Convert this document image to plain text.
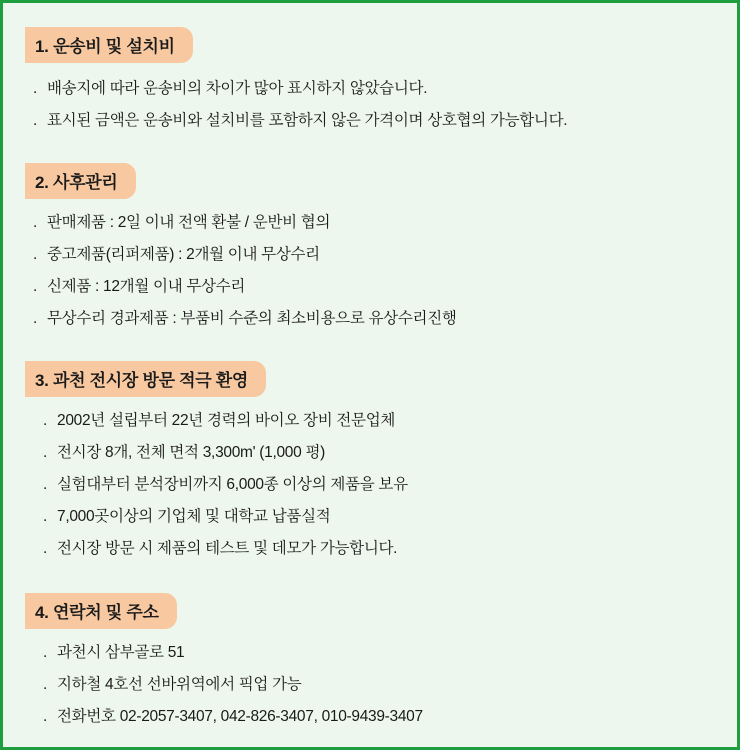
1. 운송비 및 설치비
. 배송지에 따라 운송비의 차이가 많아 표시하지 않았습니다.
. 표시된 금액은 운송비와 설치비를 포함하지 않은 가격이며 상호협의 가능합니다.
2. 사후관리
. 판매제품 : 2일 이내 전액 환불 / 운반비 협의
. 중고제품(리퍼제품) : 2개월 이내 무상수리
. 신제품 : 12개월 이내 무상수리
. 무상수리 경과제품 : 부품비 수준의 최소비용으로 유상수리진행
3. 과천 전시장 방문 적극 환영
. 2002년 설립부터 22년 경력의 바이오 장비 전문업체
. 전시장 8개, 전체 면적 3,300m' (1,000 평)
. 실험대부터 분석장비까지 6,000종 이상의 제품을 보유
. 7,000곳이상의 기업체 및 대학교 납품실적
. 전시장 방문 시 제품의 테스트 및 데모가 가능합니다.
4. 연락처 및 주소
. 과천시 삼부골로 51
. 지하철 4호선 선바위역에서 픽업 가능
. 전화번호 02-2057-3407, 042-826-3407, 010-9439-3407
